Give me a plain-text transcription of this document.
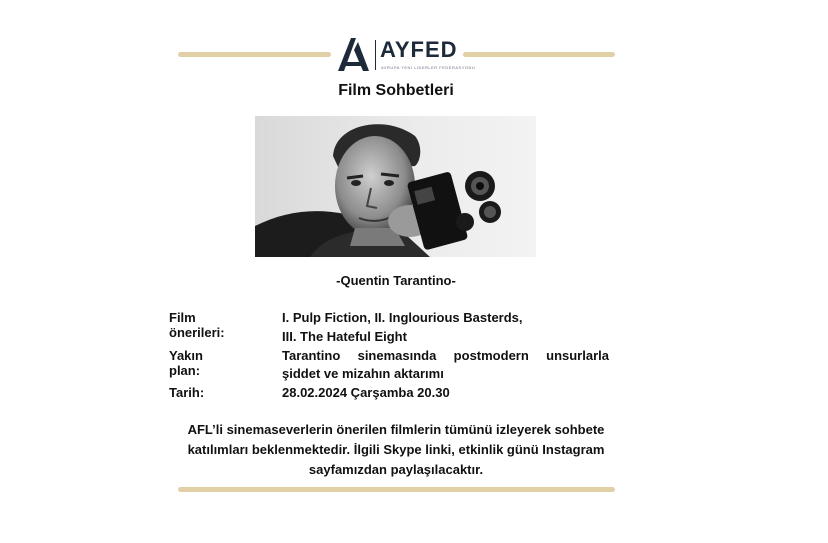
AYFED
AVRUPA YENI LIDERLER FEDERASYONU
Film Sohbetleri
-Quentin Tarantino-
Film önerileri:
I. Pulp Fiction, II. Inglourious Basterds,
III. The Hateful Eight
Yakın plan:
Tarantino sinemasında postmodern unsurlarla
şiddet ve mizahın aktarımı
Tarih:	28.02.2024 Çarşamba 20.30
AFL’li sinemaseverlerin önerilen filmlerin tümünü izleyerek sohbete
katılımları beklenmektedir. İlgili Skype linki, etkinlik günü Instagram
sayfamızdan paylaşılacaktır.
